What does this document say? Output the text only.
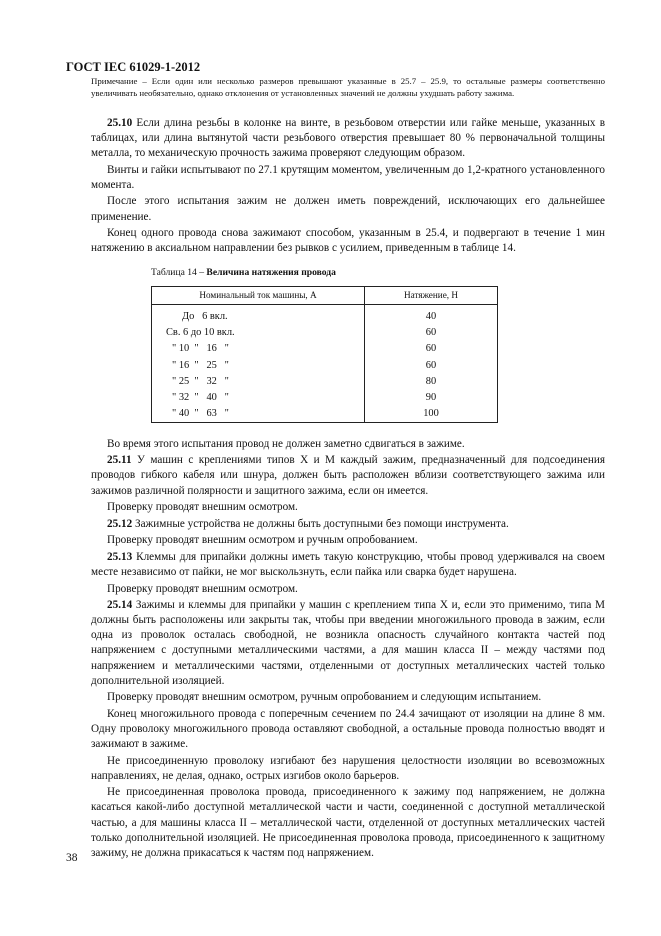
ГОСТ IEC 61029-1-2012
Примечание – Если один или несколько размеров превышают указанные в 25.7 – 25.9, то остальные размеры соответственно увеличивать необязательно, однако отклонения от установленных значений не должны ухудшать работу зажима.

25.10 Если длина резьбы в колонке на винте, в резьбовом отверстии или гайке меньше, указанных в таблицах, или длина вытянутой части резьбового отверстия превышает 80 % первоначальной толщины металла, то механическую прочность зажима проверяют следующим образом.

Винты и гайки испытывают по 27.1 крутящим моментом, увеличенным до 1,2-кратного установленного момента.

После этого испытания зажим не должен иметь повреждений, исключающих его дальнейшее применение.

Конец одного провода снова зажимают способом, указанным в 25.4, и подвергают в течение 1 мин натяжению в аксиальном направлении без рывков с усилием, приведенным в таблице 14.

Таблица 14 – Величина натяжения провода
Номинальный ток машины, А	Натяжение, Н
До   6 вкл.	40
Св. 6 до 10 вкл.	60
" 10  "   16   "	60
" 16  "   25   "	60
" 25  "   32   "	80
" 32  "   40   "	90
" 40  "   63   "	100

Во время этого испытания провод не должен заметно сдвигаться в зажиме.

25.11 У машин с креплениями типов Х и М каждый зажим, предназначенный для подсоединения проводов гибкого кабеля или шнура, должен быть расположен вблизи соответствующего зажима или зажимов различной полярности и защитного зажима, если он имеется.

Проверку проводят внешним осмотром.

25.12 Зажимные устройства не должны быть доступными без помощи инструмента.

Проверку проводят внешним осмотром и ручным опробованием.

25.13 Клеммы для припайки должны иметь такую конструкцию, чтобы провод удерживался на своем месте независимо от пайки, не мог выскользнуть, если пайка или сварка будет нарушена.

Проверку проводят внешним осмотром.

25.14 Зажимы и клеммы для припайки у машин с креплением типа Х и, если это применимо, типа М должны быть расположены или закрыты так, чтобы при введении многожильного провода в зажим, если одна из проволок осталась свободной, не возникла опасность случайного контакта частей под напряжением с доступными металлическими частями, а для машин класса II – между частями под напряжением и металлическими частями, отделенными от доступных металлических частей только дополнительной изоляцией.

Проверку проводят внешним осмотром, ручным опробованием и следующим испытанием.

Конец многожильного провода с поперечным сечением по 24.4 зачищают от изоляции на длине 8 мм. Одну проволоку многожильного провода оставляют свободной, а остальные провода полностью вводят и зажимают в зажиме.

Не присоединенную проволоку изгибают без нарушения целостности изоляции во всевозможных направлениях, не делая, однако, острых изгибов около барьеров.

Не присоединенная проволока провода, присоединенного к зажиму под напряжением, не должна касаться какой-либо доступной металлической части и части, соединенной с доступной металлической частью, а для машины класса II – металлической части, отделенной от доступных металлических частей только дополнительной изоляцией. Не присоединенная проволока провода, присоединенного к защитному зажиму, не должна прикасаться к частям под напряжением.

38
